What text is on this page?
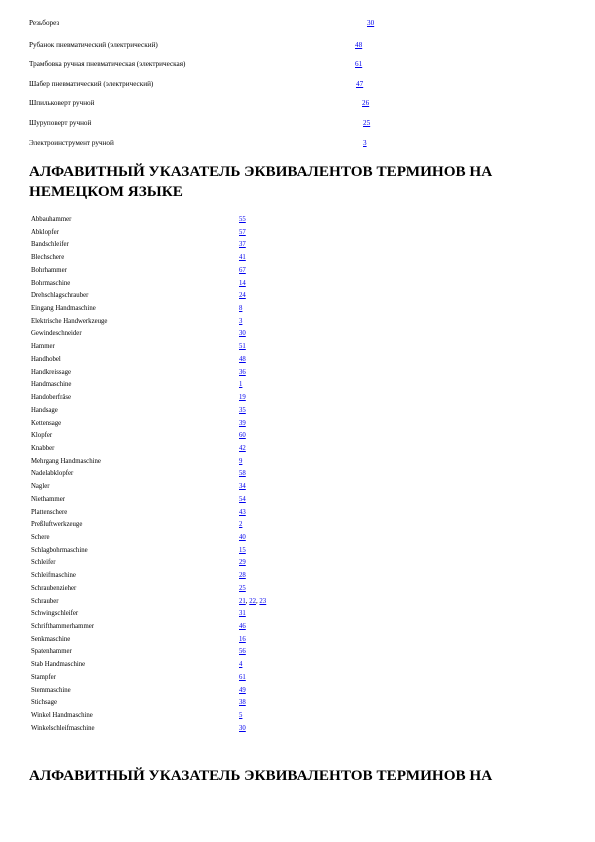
Резьборез	30
Рубанок пневматический (электрический)	48
Трамбовка ручная пневматическая (электрическая)	61
Шабер пневматический (электрический)	47
Шпильковерт ручной	26
Шуруповерт ручной	25
Электроинструмент ручной	3
АЛФАВИТНЫЙ УКАЗАТЕЛЬ ЭКВИВАЛЕНТОВ ТЕРМИНОВ НА НЕМЕЦКОМ ЯЗЫКЕ
Abbauhammer	55
Abklopfer	57
Bandschleifer	37
Blechschere	41
Bohrhammer	67
Bohrmaschine	14
Drehschlagschrauber	24
Eingang Handmaschine	8
Elektrische Handwerkzeuge	3
Gewindeschneider	30
Hammer	51
Handhobel	48
Handkreissage	36
Handmaschine	1
Handoberfräse	19
Handsage	35
Kettensage	39
Klopfer	60
Knabber	42
Mehrgang Handmaschine	9
Nadelabklopfer	58
Nagler	34
Niethammer	54
Plattenschere	43
Preßluftwerkzeuge	2
Schere	40
Schlagbohrmaschine	15
Schleifer	29
Schleifmaschine	28
Schraubenzieher	25
Schrauber	21, 22, 23
Schwingschleifer	31
Schrifthammerhammer	46
Senkmaschine	16
Spatenhammer	56
Stab Handmaschine	4
Stampfer	61
Stemmaschine	49
Stichsage	38
Winkel Handmaschine	5
Winkelschleifmaschine	30
АЛФАВИТНЫЙ УКАЗАТЕЛЬ ЭКВИВАЛЕНТОВ ТЕРМИНОВ НА
